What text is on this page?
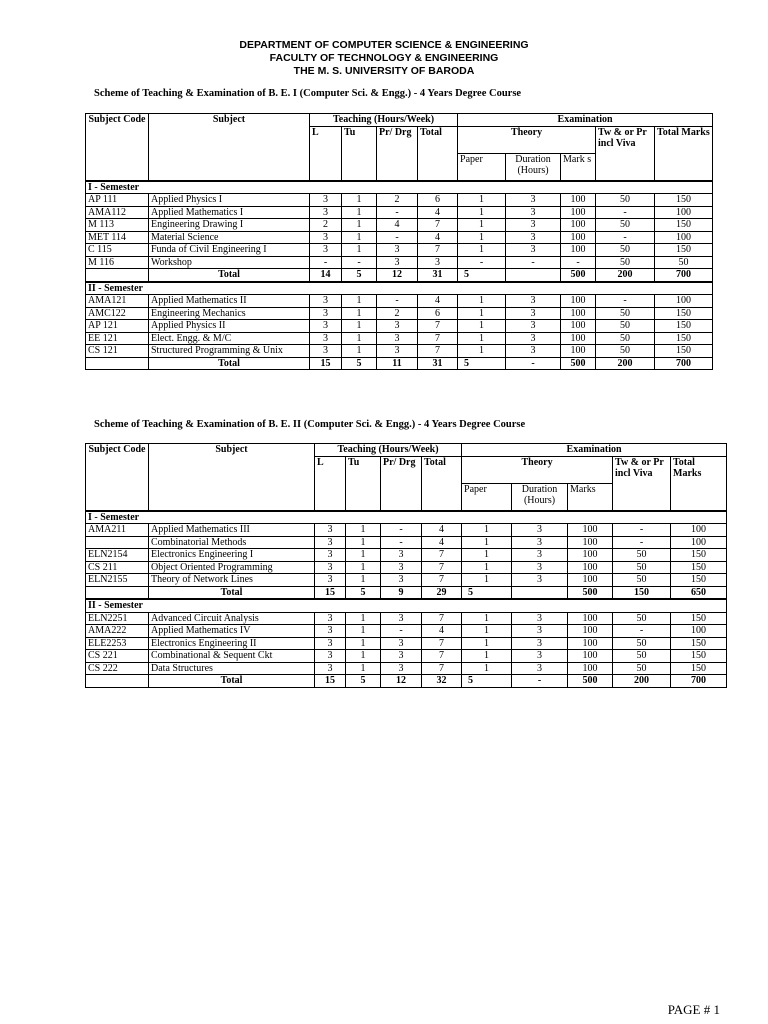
DEPARTMENT OF COMPUTER SCIENCE & ENGINEERING
FACULTY OF TECHNOLOGY & ENGINEERING
THE M. S. UNIVERSITY OF BARODA
Scheme of Teaching & Examination of B. E. I (Computer Sci. & Engg.) - 4 Years Degree Course
Subject Code	Subject	Teaching (Hours/Week)				Examination				
		L	Tu	Pr/ Drg	Total	Theory			Tw & or Pr incl Viva	Total Marks
						Paper	Duration (Hours)	Mark s		
I - Semester										
AP 111	Applied Physics I	3	1	2	6	1	3	100	50	150
AMA112	Applied Mathematics I	3	1	-	4	1	3	100	-	100
M 113	Engineering Drawing I	2	1	4	7	1	3	100	50	150
MET 114	Material Science	3	1	-	4	1	3	100	-	100
C 115	Funda of Civil Engineering I	3	1	3	7	1	3	100	50	150
M 116	Workshop	-	-	3	3	-	-	-	50	50
	Total	14	5	12	31	5		500	200	700
II - Semester										
AMA121	Applied Mathematics II	3	1	-	4	1	3	100	-	100
AMC122	Engineering Mechanics	3	1	2	6	1	3	100	50	150
AP 121	Applied Physics II	3	1	3	7	1	3	100	50	150
EE 121	Elect. Engg. & M/C	3	1	3	7	1	3	100	50	150
CS 121	Structured Programming & Unix	3	1	3	7	1	3	100	50	150
	Total	15	5	11	31	5	-	500	200	700
Scheme of Teaching & Examination of B. E. II (Computer Sci. & Engg.) - 4 Years Degree Course
Subject Code	Subject	Teaching (Hours/Week)				Examination				
		L	Tu	Pr/ Drg	Total	Theory			Tw & or Pr incl Viva	Total Marks
						Paper	Duration (Hours)	Marks		
I - Semester										
AMA211	Applied Mathematics III	3	1	-	4	1	3	100	-	100
	Combinatorial Methods	3	1	-	4	1	3	100	-	100
ELN2154	Electronics Engineering I	3	1	3	7	1	3	100	50	150
CS 211	Object Oriented Programming	3	1	3	7	1	3	100	50	150
ELN2155	Theory of Network Lines	3	1	3	7	1	3	100	50	150
	Total	15	5	9	29	5		500	150	650
II - Semester										
ELN2251	Advanced Circuit Analysis	3	1	3	7	1	3	100	50	150
AMA222	Applied Mathematics IV	3	1	-	4	1	3	100	-	100
ELE2253	Electronics Engineering II	3	1	3	7	1	3	100	50	150
CS 221	Combinational & Sequent Ckt	3	1	3	7	1	3	100	50	150
CS 222	Data Structures	3	1	3	7	1	3	100	50	150
	Total	15	5	12	32	5	-	500	200	700
PAGE # 1
